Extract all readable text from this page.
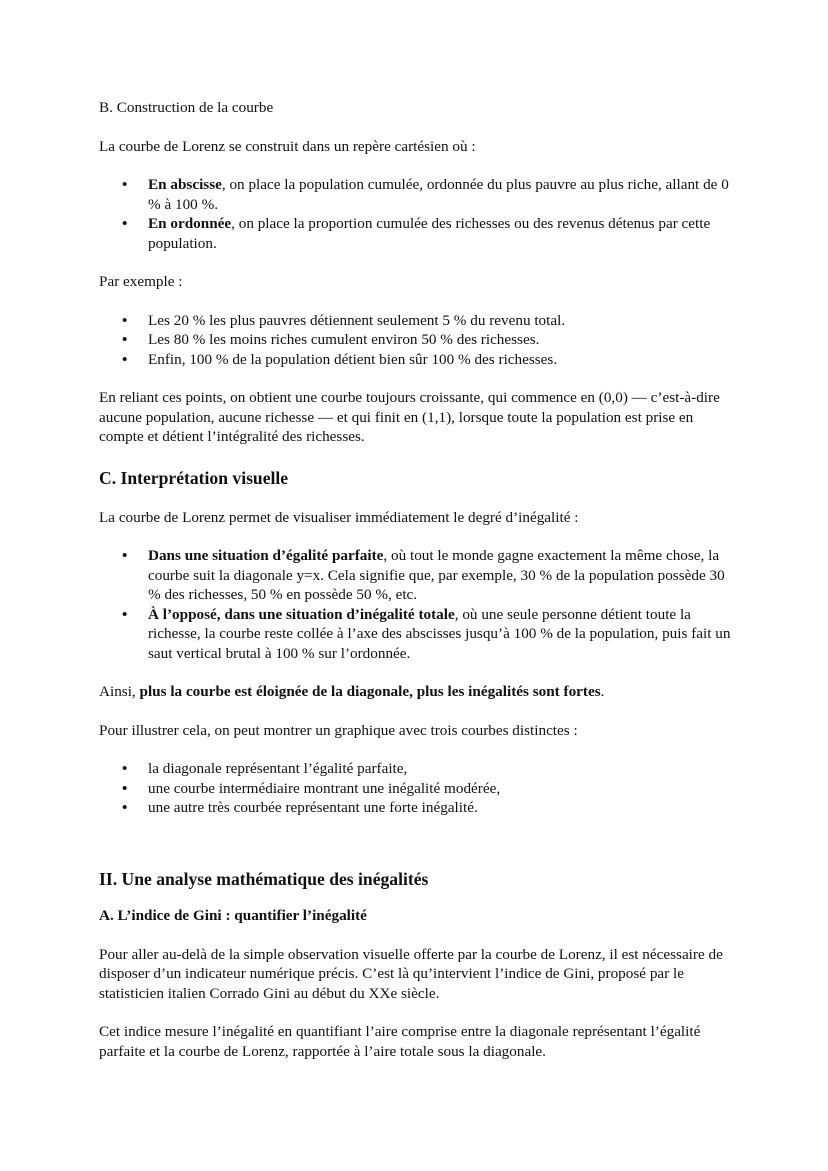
B. Construction de la courbe

La courbe de Lorenz se construit dans un repère cartésien où :

• En abscisse, on place la population cumulée, ordonnée du plus pauvre au plus riche, allant de 0 % à 100 %.
• En ordonnée, on place la proportion cumulée des richesses ou des revenus détenus par cette population.

Par exemple :

• Les 20 % les plus pauvres détiennent seulement 5 % du revenu total.
• Les 80 % les moins riches cumulent environ 50 % des richesses.
• Enfin, 100 % de la population détient bien sûr 100 % des richesses.

En reliant ces points, on obtient une courbe toujours croissante, qui commence en (0,0) — c’est-à-dire aucune population, aucune richesse — et qui finit en (1,1), lorsque toute la population est prise en compte et détient l’intégralité des richesses.

C. Interprétation visuelle

La courbe de Lorenz permet de visualiser immédiatement le degré d’inégalité :

• Dans une situation d’égalité parfaite, où tout le monde gagne exactement la même chose, la courbe suit la diagonale y=x. Cela signifie que, par exemple, 30 % de la population possède 30 % des richesses, 50 % en possède 50 %, etc.
• À l’opposé, dans une situation d’inégalité totale, où une seule personne détient toute la richesse, la courbe reste collée à l’axe des abscisses jusqu’à 100 % de la population, puis fait un saut vertical brutal à 100 % sur l’ordonnée.

Ainsi, plus la courbe est éloignée de la diagonale, plus les inégalités sont fortes.

Pour illustrer cela, on peut montrer un graphique avec trois courbes distinctes :

• la diagonale représentant l’égalité parfaite,
• une courbe intermédiaire montrant une inégalité modérée,
• une autre très courbée représentant une forte inégalité.
II. Une analyse mathématique des inégalités
A. L’indice de Gini : quantifier l’inégalité

Pour aller au-delà de la simple observation visuelle offerte par la courbe de Lorenz, il est nécessaire de disposer d’un indicateur numérique précis. C’est là qu’intervient l’indice de Gini, proposé par le statisticien italien Corrado Gini au début du XXe siècle.

Cet indice mesure l’inégalité en quantifiant l’aire comprise entre la diagonale représentant l’égalité parfaite et la courbe de Lorenz, rapportée à l’aire totale sous la diagonale.
